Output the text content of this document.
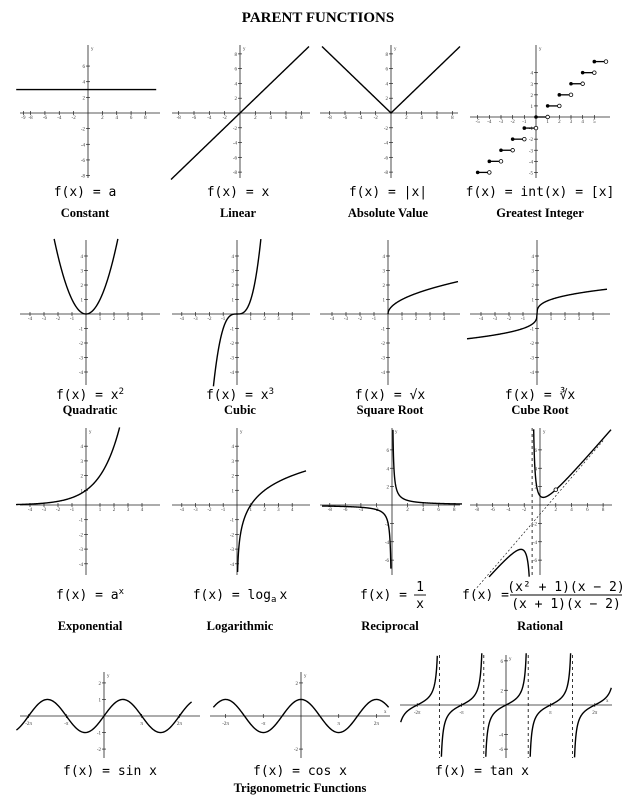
PARENT FUNCTIONS
-9 -8 -6 -4 -2	2 4 6 8
6
4
2
-2
-4
-6
-8
y
-8 -6 -4 -2	2	4	6	8
8
6
4
2
-2
-4
-6
-8
y
-8 -6 -4 -2	2	4	6	8
8
6
4
2
-2
-4
-6
-8
y
-5 -4 -3 -2 -1	1 2 3 4 5
4
3
2
1
-1
-2
-3
-4
-5
y
-4 -3 -2 -1	1 2 3 4
4
3
2
1
-1
-2
-3
-4
-4 -3 -2 -1	1 2 3 4
4
3
2
1
-1
-2
-3
-4
-4 -3 -2 -1	1 2 3 4
4
3
2
1
-1
-2
-3
-4
-4 -3 -2 -1	1 2 3 4
4
3
2
1
-1
-2
-3
-4
-4 -3 -2 -1	1 2 3 4
4
3
2
1
-1
-2
-3
-4
y
-4 -3 -2 -1	1 2 3 4
4
3
2
1
-1
-2
-3
-4
y
-8 -6 -4 -2	2	4	6	8
6
4
2
-2
-4
-6
y
-8 -6 -4 -2	2	4	6	8
6
4
2
-2
-4
-6
y
-2π	-π	π	2π
2
1
-1
-2
y
-2π	-π	π	2π
2
-2
y
x	-2π	-π	π	2π
6
2
-4
-6
y
x
f(x) = a
Constant
f(x) = x
Linear
f(x) = |x|
Absolute Value
f(x) = int(x) = [x]
Greatest Integer
$f(x) = x^2$
Quadratic
$f(x) = x^3$
Cubic
f(x) = √x
Square Root
f(x) = ∛x
Cube Root
$f(x) = a^x$
Exponential
$f(x) = \log_a x$
Logarithmic
f(x) =
1
x
Reciprocal
f(x) =
(x² + 1)(x − 2)
(x + 1)(x − 2)
Rational
f(x) = sin x	f(x) = cos x
Trigonometric Functions
f(x) = tan x
